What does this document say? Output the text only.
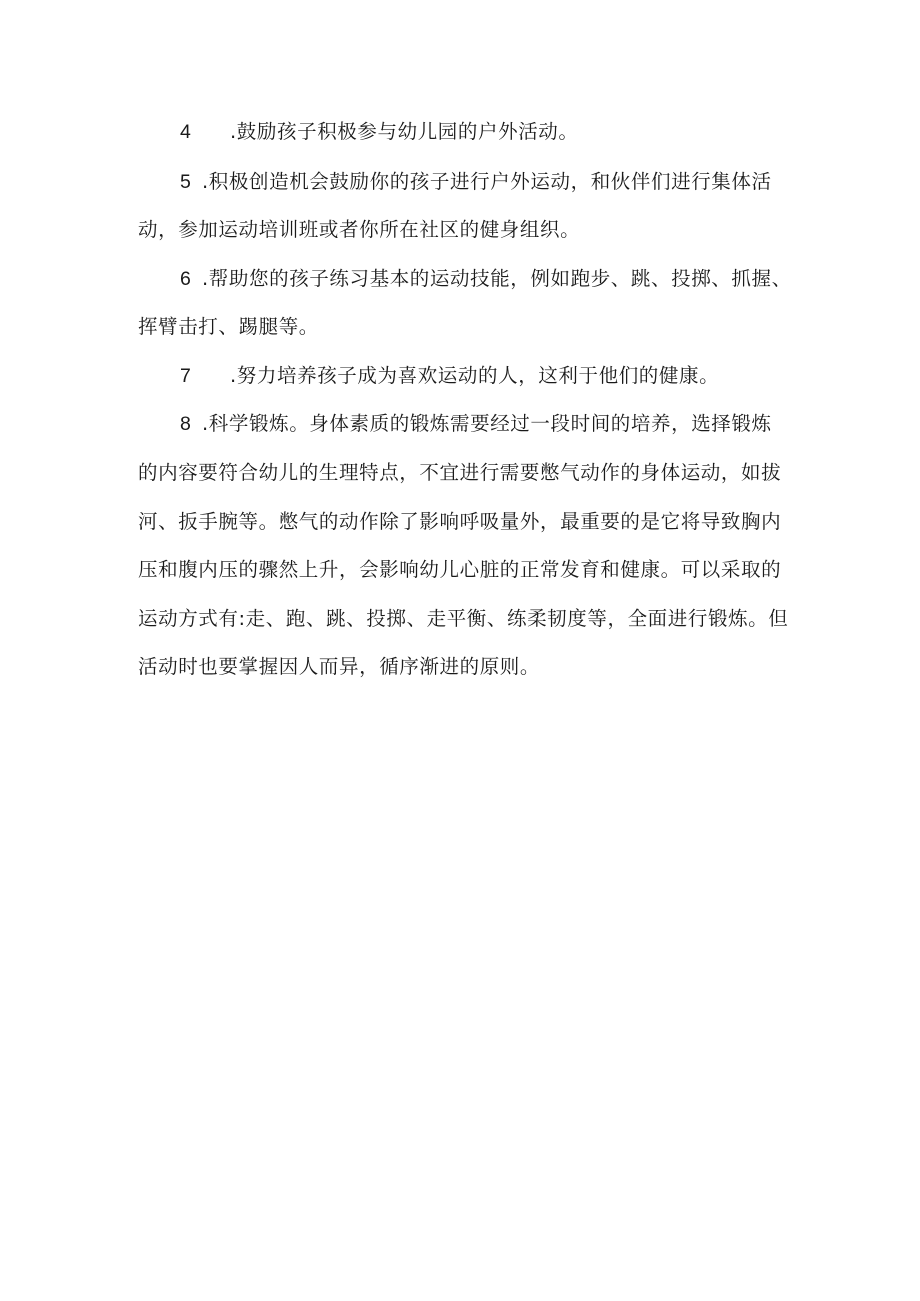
4 .鼓励孩子积极参与幼儿园的户外活动。
5 .积极创造机会鼓励你的孩子进行户外运动，和伙伴们进行集体活
动，参加运动培训班或者你所在社区的健身组织。
6 .帮助您的孩子练习基本的运动技能，例如跑步、跳、投掷、抓握、
挥臂击打、踢腿等。
7 .努力培养孩子成为喜欢运动的人，这利于他们的健康。
8 .科学锻炼。身体素质的锻炼需要经过一段时间的培养，选择锻炼
的内容要符合幼儿的生理特点，不宜进行需要憋气动作的身体运动，如拔
河、扳手腕等。憋气的动作除了影响呼吸量外，最重要的是它将导致胸内
压和腹内压的骤然上升，会影响幼儿心脏的正常发育和健康。可以采取的
运动方式有:走、跑、跳、投掷、走平衡、练柔韧度等，全面进行锻炼。但
活动时也要掌握因人而异，循序渐进的原则。
